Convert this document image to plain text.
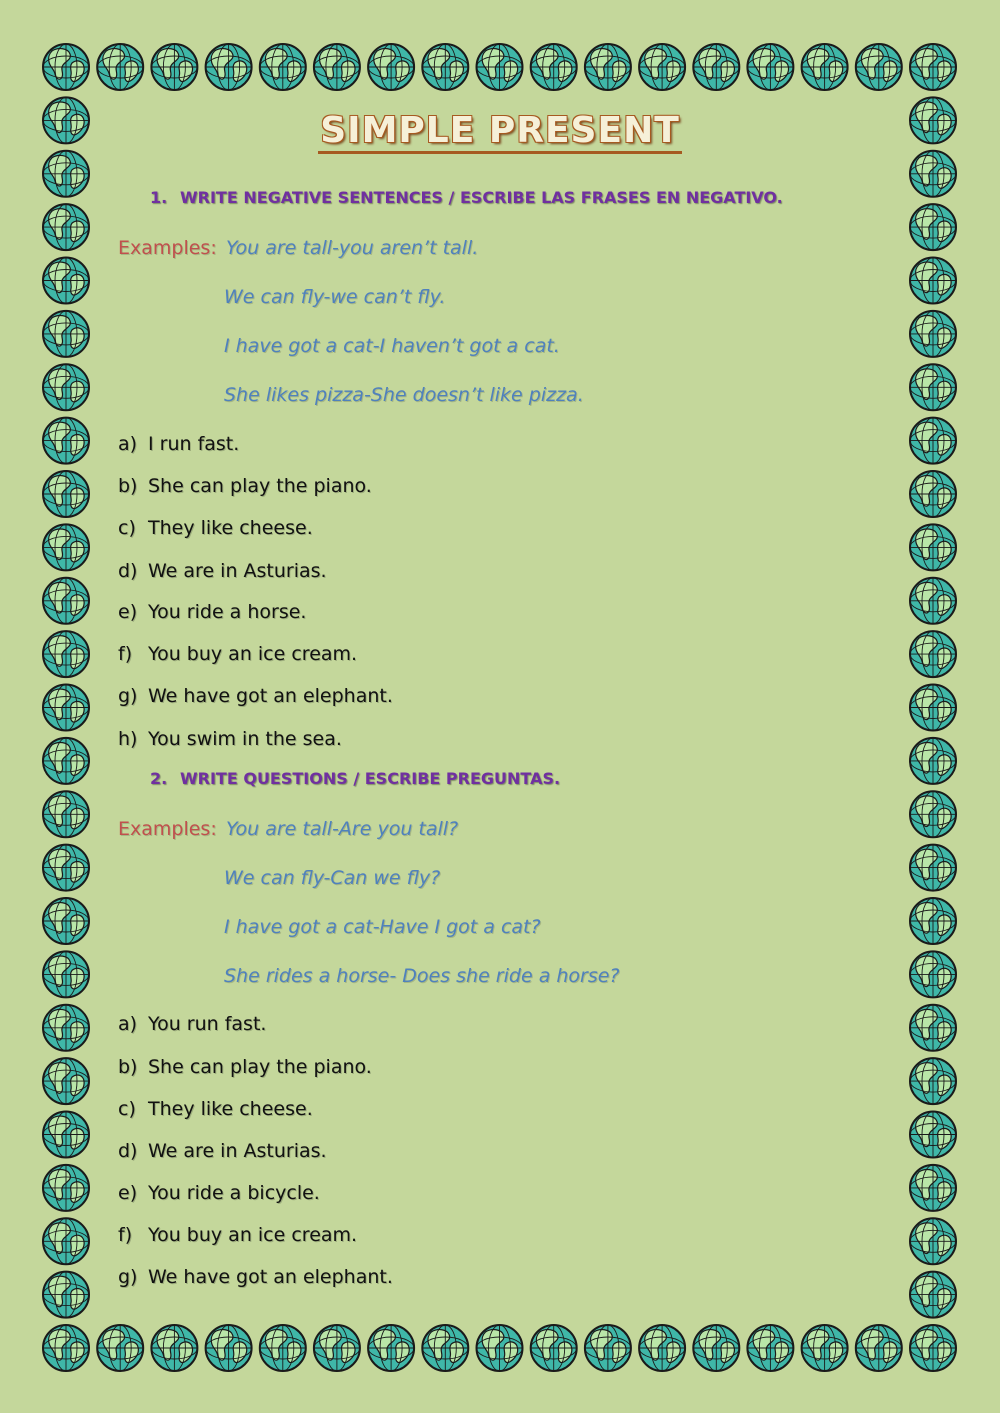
SIMPLE PRESENT
1. WRITE NEGATIVE SENTENCES / ESCRIBE LAS FRASES EN NEGATIVO.
Examples: You are tall-you aren’t tall.
We can fly-we can’t fly.
I have got a cat-I haven’t got a cat.
She likes pizza-She doesn’t like pizza.
a) I run fast.
b) She can play the piano.
c) They like cheese.
d) We are in Asturias.
e) You ride a horse.
f) You buy an ice cream.
g) We have got an elephant.
h) You swim in the sea.
2. WRITE QUESTIONS / ESCRIBE PREGUNTAS.
Examples: You are tall-Are you tall?
We can fly-Can we fly?
I have got a cat-Have I got a cat?
She rides a horse- Does she ride a horse?
a) You run fast.
b) She can play the piano.
c) They like cheese.
d) We are in Asturias.
e) You ride a bicycle.
f) You buy an ice cream.
g) We have got an elephant.
